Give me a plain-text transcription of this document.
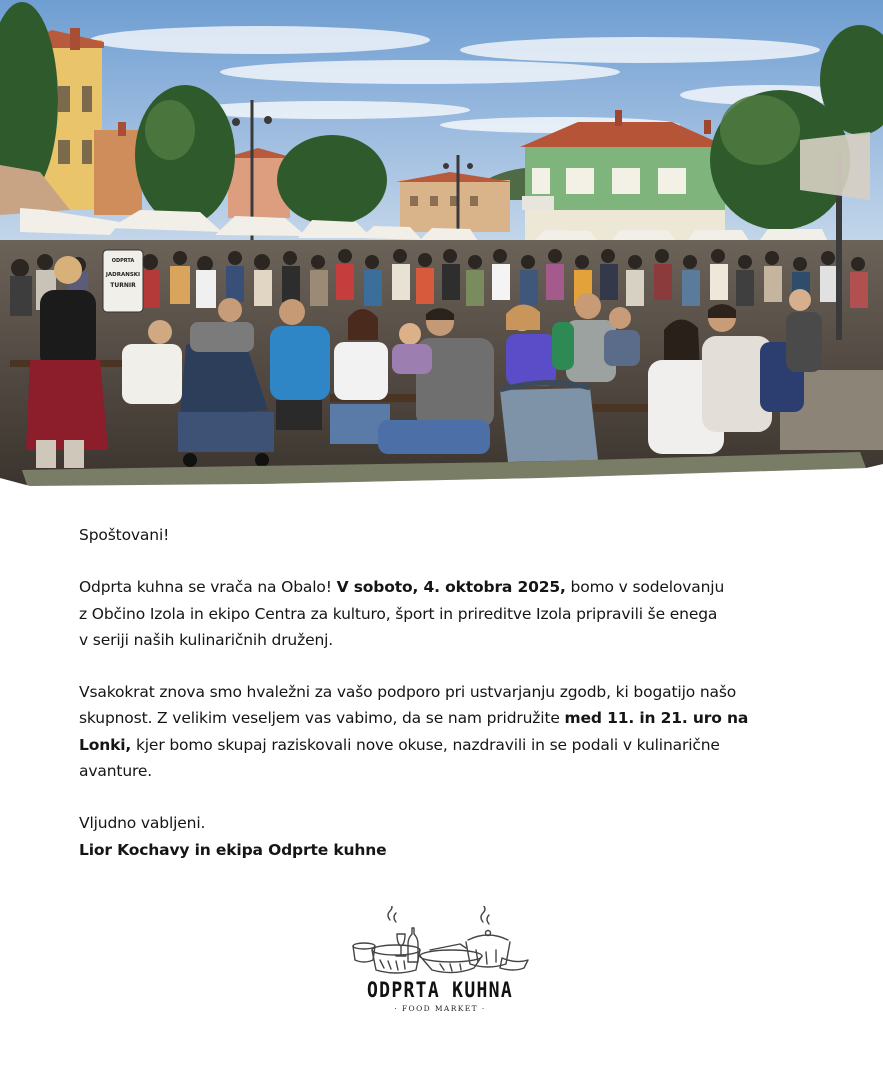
ODPRTA
JADRANSKI
TURNIR

Spoštovani!

Odprta kuhna se vrača na Obalo! V soboto, 4. oktobra 2025, bomo v sodelovanju
z Občino Izola in ekipo Centra za kulturo, šport in prireditve Izola pripravili še enega
v seriji naših kulinaričnih druženj.

Vsakokrat znova smo hvaležni za vašo podporo pri ustvarjanju zgodb, ki bogatijo našo
skupnost. Z velikim veseljem vas vabimo, da se nam pridružite med 11. in 21. uro na
Lonki, kjer bomo skupaj raziskovali nove okuse, nazdravili in se podali v kulinarične
avanture.

Vljudno vabljeni.

Lior Kochavy in ekipa Odprte kuhne

ODPRTA KUHNA
· FOOD MARKET ·
